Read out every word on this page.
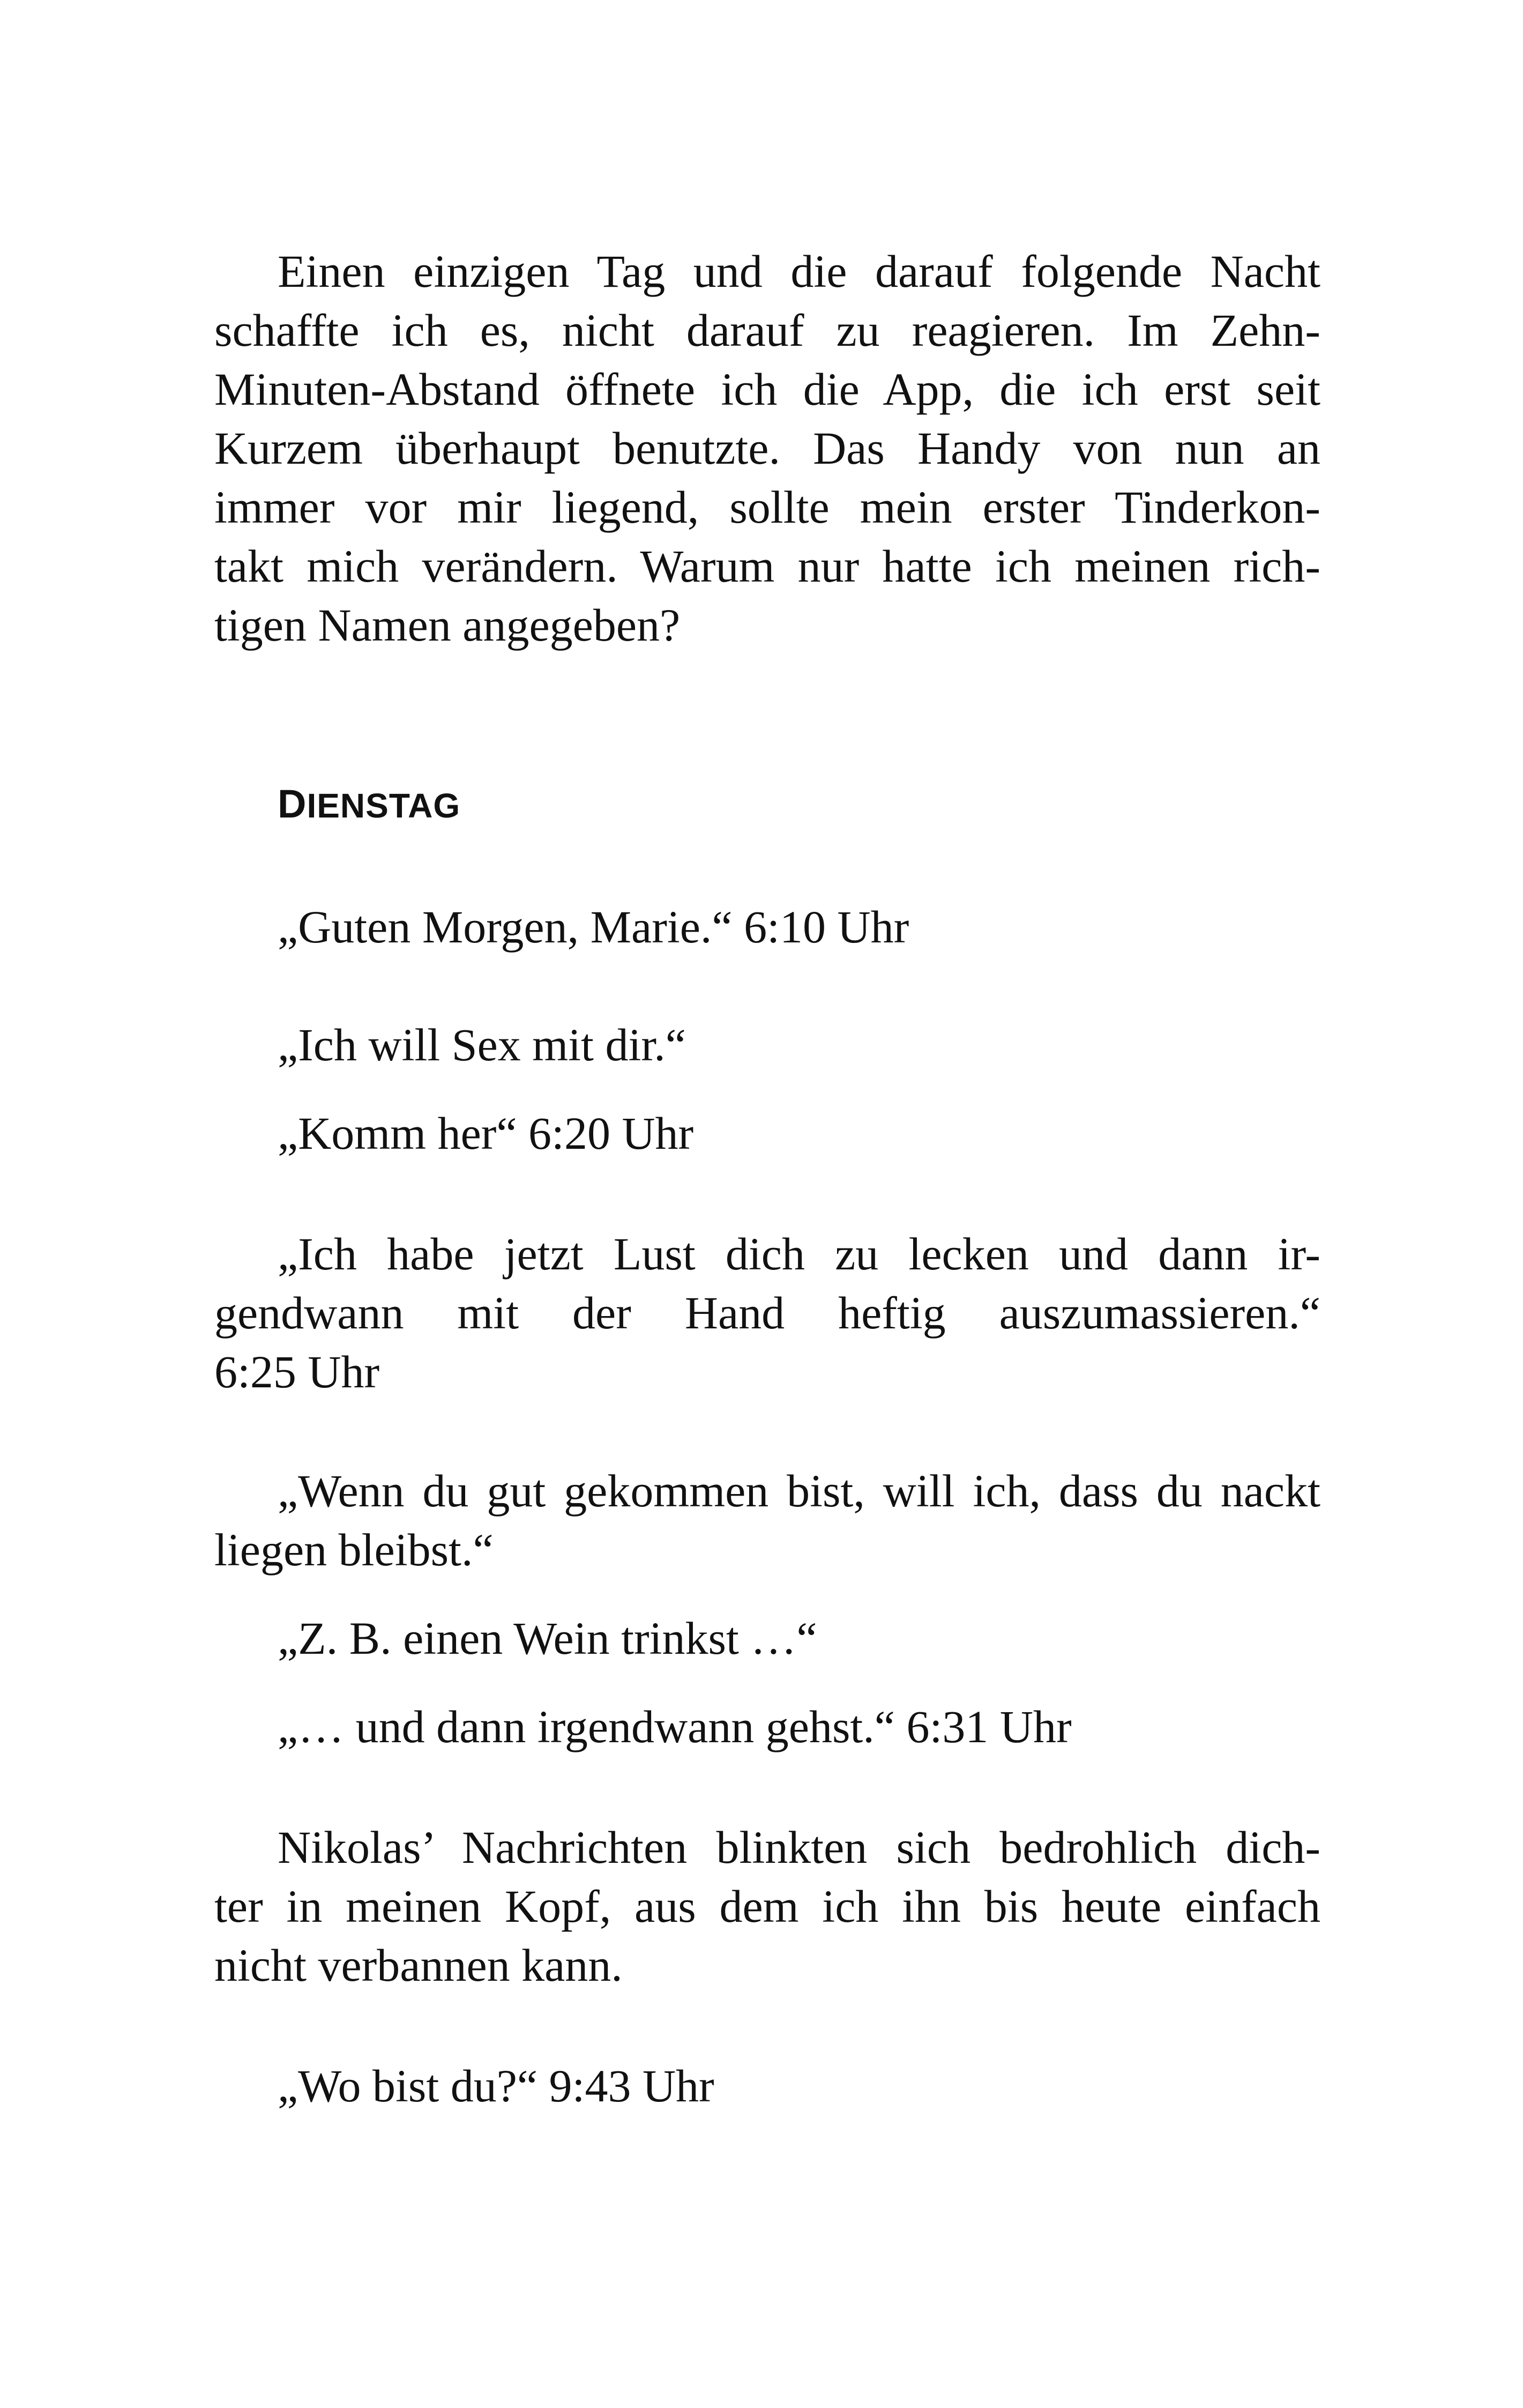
Einen einzigen Tag und die darauf folgende Nacht
schaffte ich es, nicht darauf zu reagieren. Im Zehn-
Minuten-Abstand öffnete ich die App, die ich erst seit
Kurzem überhaupt benutzte. Das Handy von nun an
immer vor mir liegend, sollte mein erster Tinderkon-
takt mich verändern. Warum nur hatte ich meinen rich-
tigen Namen angegeben?
DIENSTAG
„Guten Morgen, Marie.“ 6:10 Uhr
„Ich will Sex mit dir.“
„Komm her“ 6:20 Uhr
„Ich habe jetzt Lust dich zu lecken und dann ir-
gendwann mit der Hand heftig auszumassieren.“
6:25 Uhr
„Wenn du gut gekommen bist, will ich, dass du nackt
liegen bleibst.“
„Z. B. einen Wein trinkst …“
„… und dann irgendwann gehst.“ 6:31 Uhr
Nikolas’ Nachrichten blinkten sich bedrohlich dich-
ter in meinen Kopf, aus dem ich ihn bis heute einfach
nicht verbannen kann.
„Wo bist du?“ 9:43 Uhr
